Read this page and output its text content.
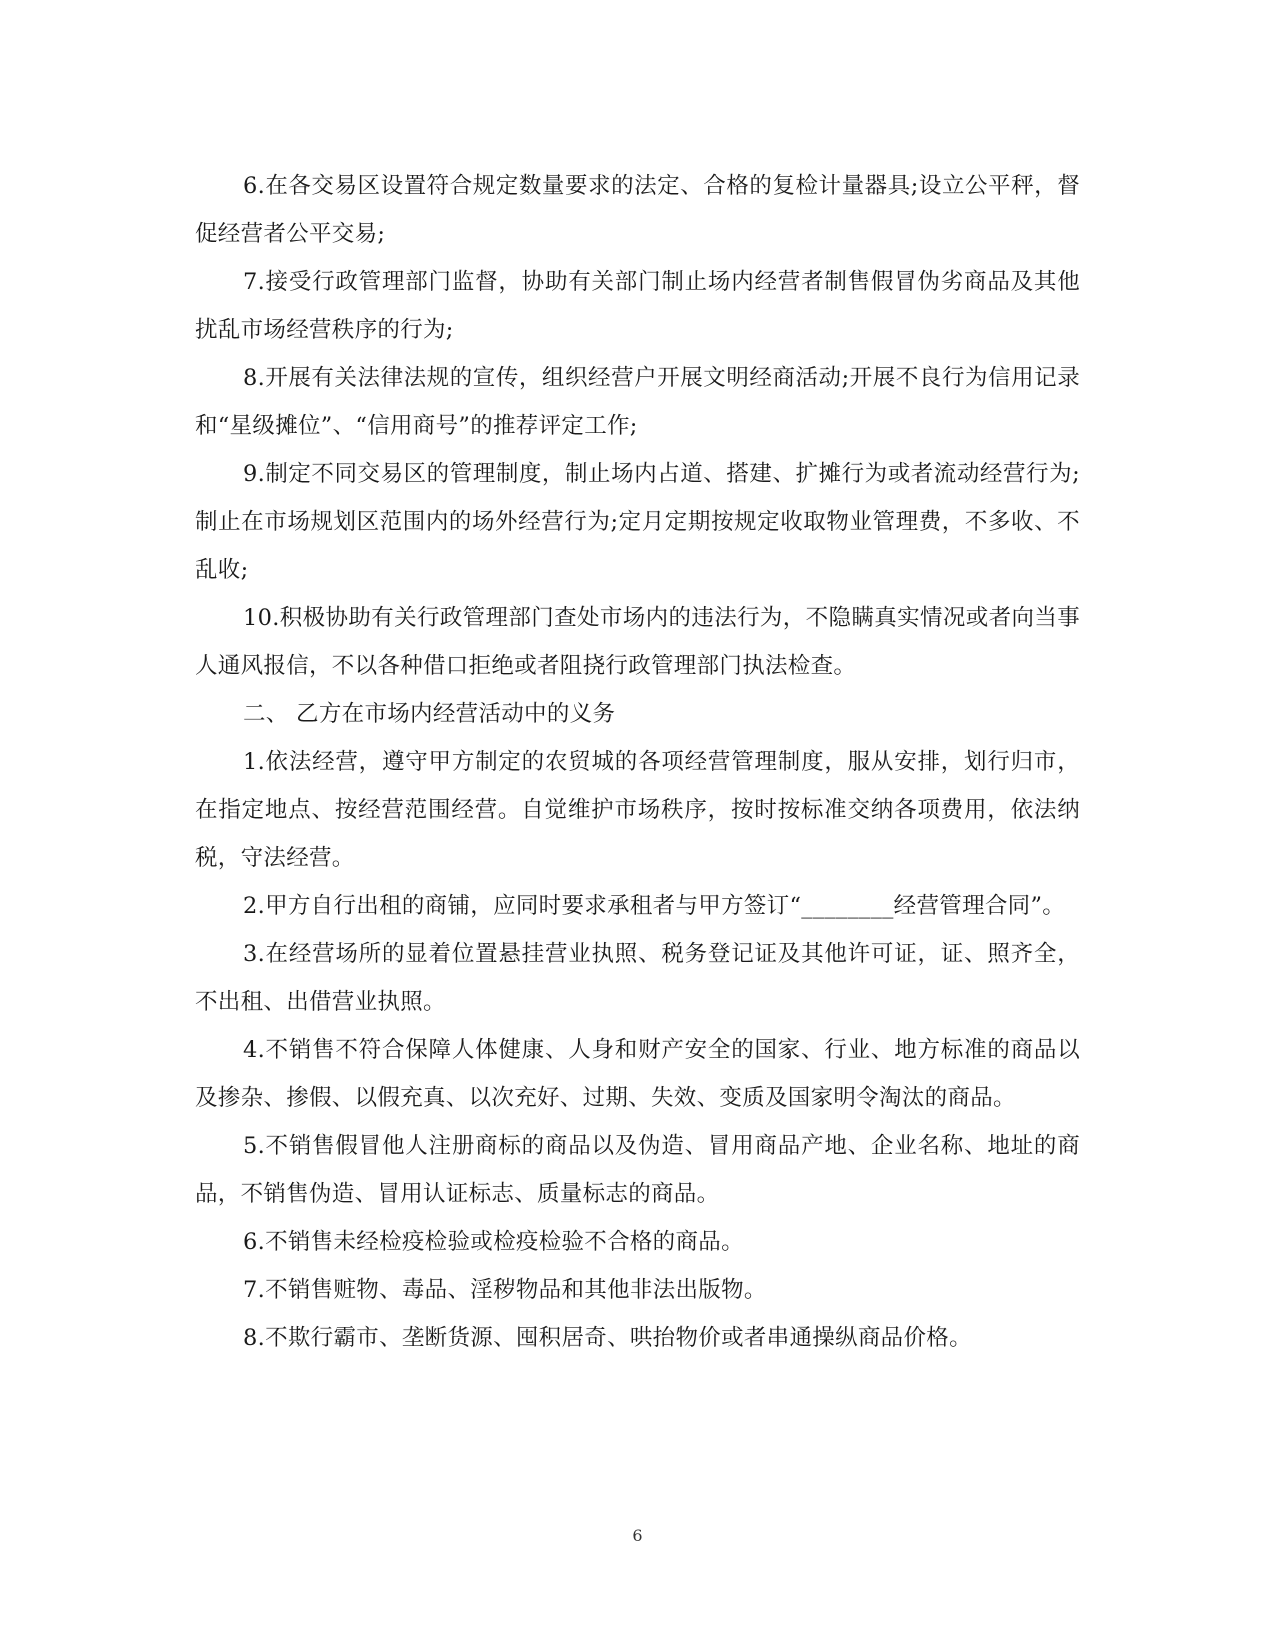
6.在各交易区设置符合规定数量要求的法定、合格的复检计量器具;设立公平秤，督促经营者公平交易;

7.接受行政管理部门监督，协助有关部门制止场内经营者制售假冒伪劣商品及其他扰乱市场经营秩序的行为;

8.开展有关法律法规的宣传，组织经营户开展文明经商活动;开展不良行为信用记录和“星级摊位”、“信用商号”的推荐评定工作;

9.制定不同交易区的管理制度，制止场内占道、搭建、扩摊行为或者流动经营行为;制止在市场规划区范围内的场外经营行为;定月定期按规定收取物业管理费，不多收、不乱收;

10.积极协助有关行政管理部门查处市场内的违法行为，不隐瞒真实情况或者向当事人通风报信，不以各种借口拒绝或者阻挠行政管理部门执法检查。

二、 乙方在市场内经营活动中的义务

1.依法经营，遵守甲方制定的农贸城的各项经营管理制度，服从安排，划行归市，在指定地点、按经营范围经营。自觉维护市场秩序，按时按标准交纳各项费用，依法纳税，守法经营。

2.甲方自行出租的商铺，应同时要求承租者与甲方签订“________经营管理合同”。

3.在经营场所的显着位置悬挂营业执照、税务登记证及其他许可证，证、照齐全，不出租、出借营业执照。

4.不销售不符合保障人体健康、人身和财产安全的国家、行业、地方标准的商品以及掺杂、掺假、以假充真、以次充好、过期、失效、变质及国家明令淘汰的商品。

5.不销售假冒他人注册商标的商品以及伪造、冒用商品产地、企业名称、地址的商品，不销售伪造、冒用认证标志、质量标志的商品。

6.不销售未经检疫检验或检疫检验不合格的商品。

7.不销售赃物、毒品、淫秽物品和其他非法出版物。

8.不欺行霸市、垄断货源、囤积居奇、哄抬物价或者串通操纵商品价格。

6
